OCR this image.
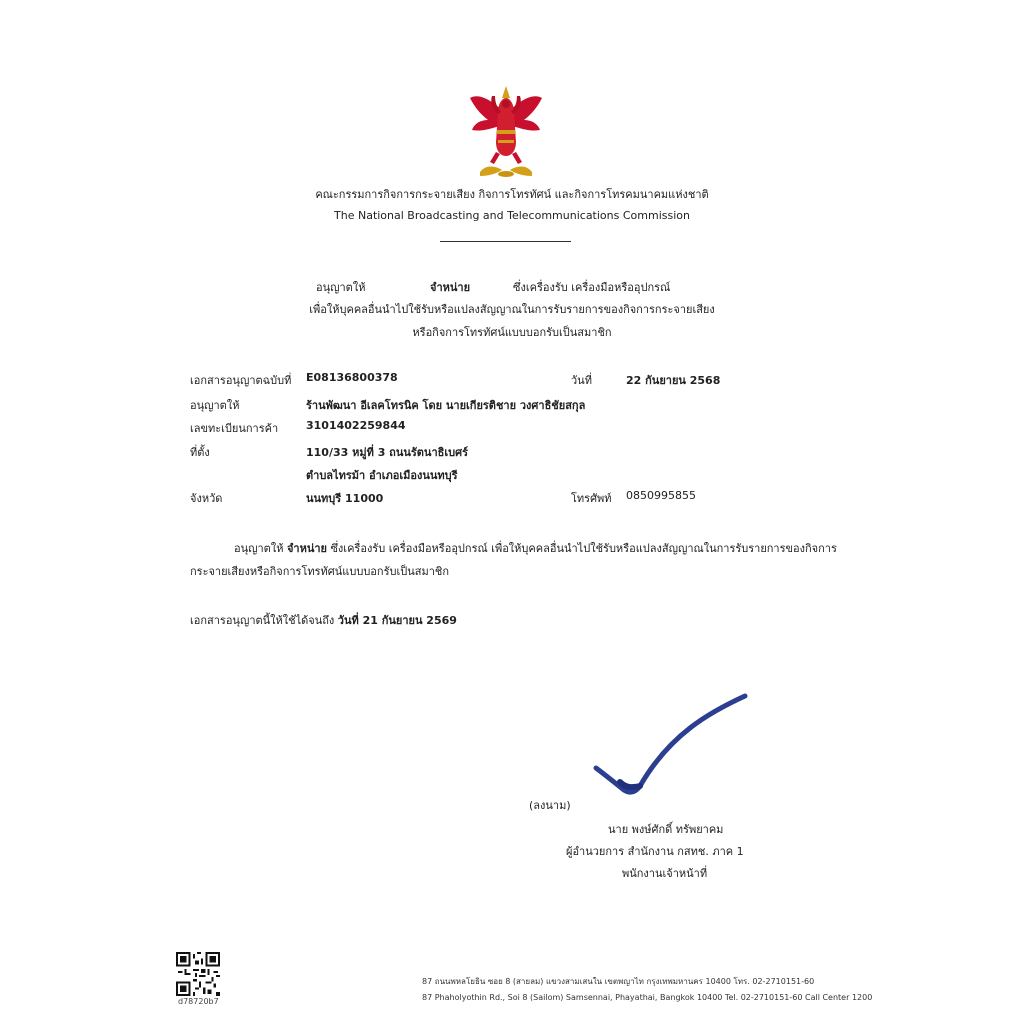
คณะกรรมการกิจการกระจายเสียง กิจการโทรทัศน์ และกิจการโทรคมนาคมแห่งชาติ
The National Broadcasting and Telecommunications Commission
อนุญาตให้	จำหน่าย	ซึ่งเครื่องรับ เครื่องมือหรืออุปกรณ์
เพื่อให้บุคคลอื่นนำไปใช้รับหรือแปลงสัญญาณในการรับรายการของกิจการกระจายเสียง
หรือกิจการโทรทัศน์แบบบอกรับเป็นสมาชิก
เอกสารอนุญาตฉบับที่ E08136800378	วันที่	22 กันยายน 2568
อนุญาตให้	ร้านพัฒนา อีเลคโทรนิค โดย นายเกียรติชาย วงศาธิชัยสกุล
เลขทะเบียนการค้า	3101402259844
ที่ตั้ง	110/33 หมู่ที่ 3 ถนนรัตนาธิเบศร์
ตำบลไทรม้า อำเภอเมืองนนทบุรี
จังหวัด	นนทบุรี 11000	โทรศัพท์ 0850995855
อนุญาตให้ จำหน่าย ซึ่งเครื่องรับ เครื่องมือหรืออุปกรณ์ เพื่อให้บุคคลอื่นนำไปใช้รับหรือแปลงสัญญาณในการรับรายการของกิจการ
กระจายเสียงหรือกิจการโทรทัศน์แบบบอกรับเป็นสมาชิก
เอกสารอนุญาตนี้ให้ใช้ได้จนถึง วันที่ 21 กันยายน 2569
(ลงนาม)
นาย พงษ์ศักดิ์ ทรัพยาคม
ผู้อำนวยการ สำนักงาน กสทช. ภาค 1
พนักงานเจ้าหน้าที่
d78720b7
87 ถนนพหลโยธิน ซอย 8 (สายลม) แขวงสามเสนใน เขตพญาไท กรุงเทพมหานคร 10400 โทร. 02-2710151-60
87 Phaholyothin Rd., Soi 8 (Sailom) Samsennai, Phayathai, Bangkok 10400 Tel. 02-2710151-60 Call Center 1200
